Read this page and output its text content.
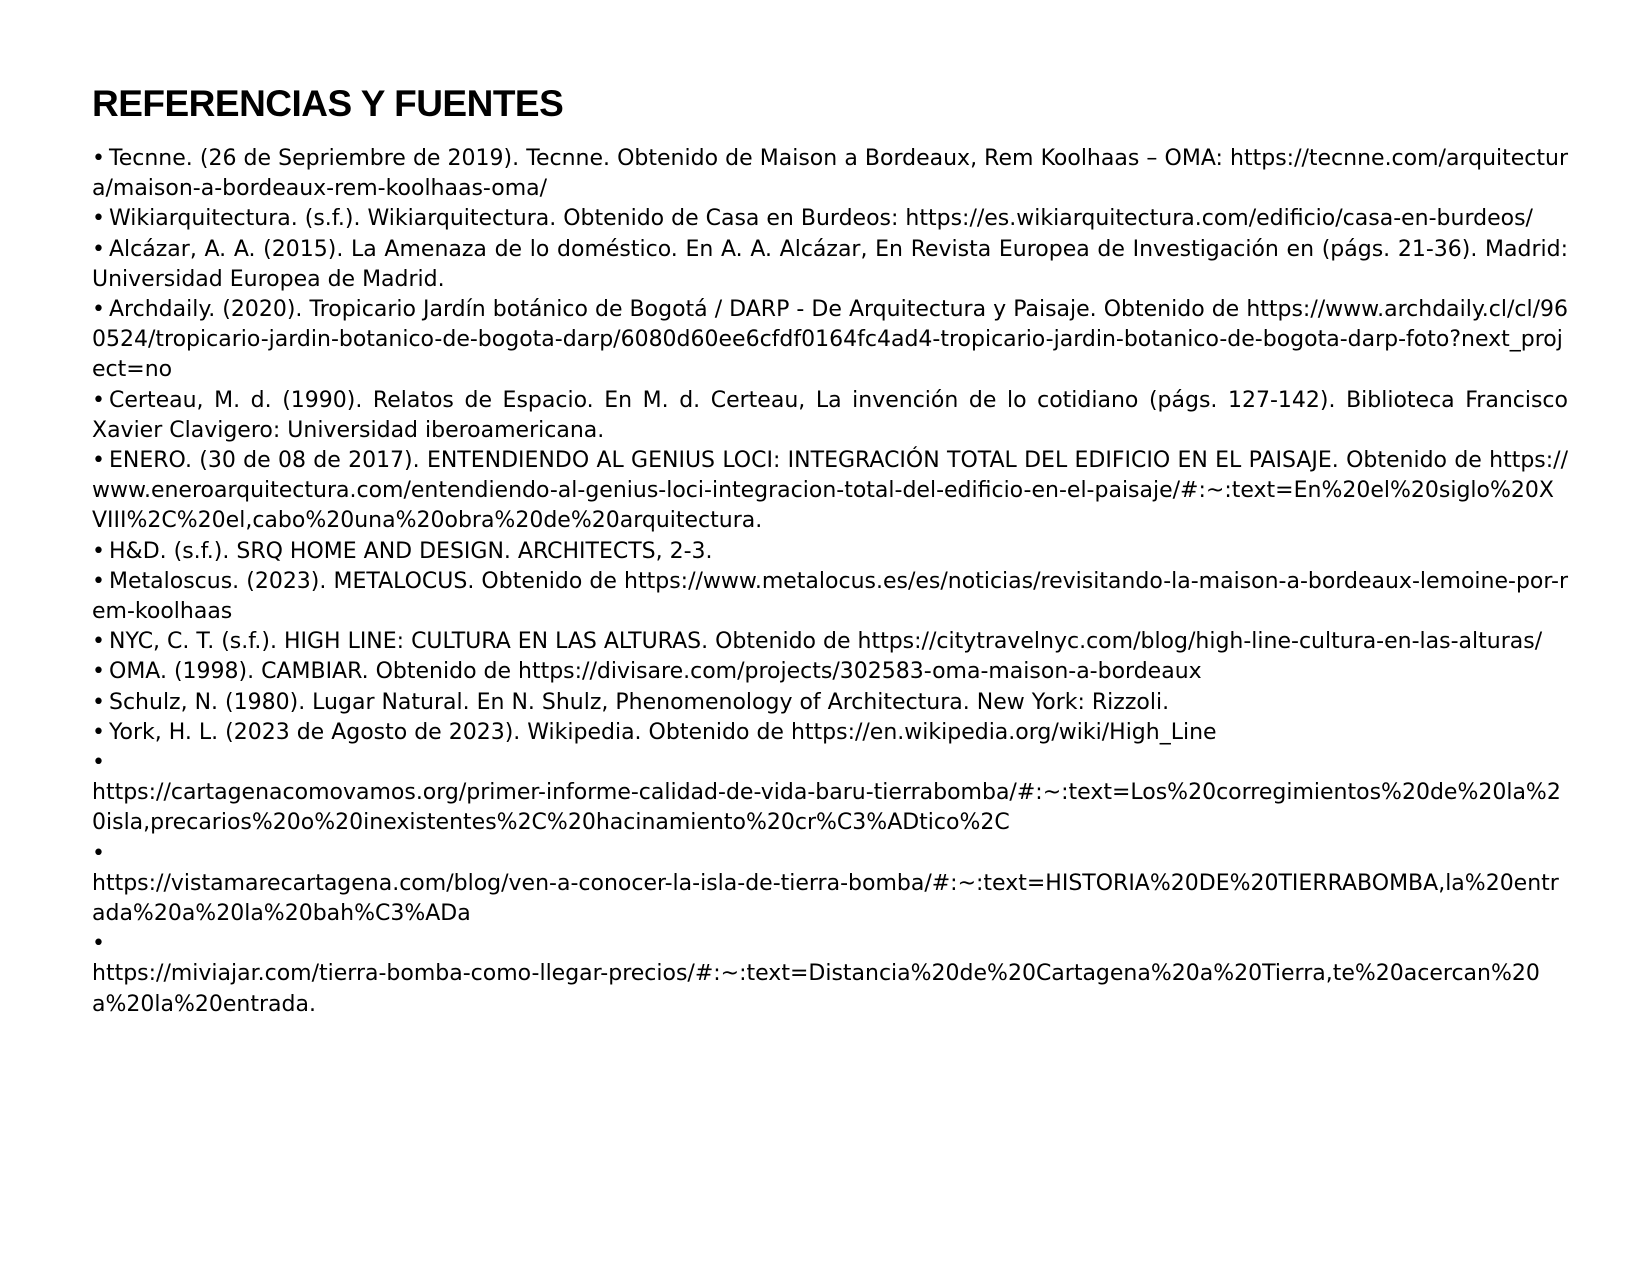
REFERENCIAS Y FUENTES
• Tecnne. (26 de Sepriembre de 2019). Tecnne. Obtenido de Maison a Bordeaux, Rem Koolhaas – OMA: https://tecnne.com/arquitectura/maison-a-bordeaux-rem-koolhaas-oma/
• Wikiarquitectura. (s.f.). Wikiarquitectura. Obtenido de Casa en Burdeos: https://es.wikiarquitectura.com/edificio/casa-en-burdeos/
• Alcázar, A. A. (2015). La Amenaza de lo doméstico. En A. A. Alcázar, En Revista Europea de Investigación en (págs. 21-36). Madrid: Universidad Europea de Madrid.
• Archdaily. (2020). Tropicario Jardín botánico de Bogotá / DARP - De Arquitectura y Paisaje. Obtenido de https://www.archdaily.cl/cl/960524/tropicario-jardin-botanico-de-bogota-darp/6080d60ee6cfdf0164fc4ad4-tropicario-jardin-botanico-de-bogota-darp-foto?next_project=no
• Certeau, M. d. (1990). Relatos de Espacio. En M. d. Certeau, La invención de lo cotidiano (págs. 127-142). Biblioteca Francisco Xavier Clavigero: Universidad iberoamericana.
• ENERO. (30 de 08 de 2017). ENTENDIENDO AL GENIUS LOCI: INTEGRACIÓN TOTAL DEL EDIFICIO EN EL PAISAJE. Obtenido de https://www.eneroarquitectura.com/entendiendo-al-genius-loci-integracion-total-del-edificio-en-el-paisaje/#:~:text=En%20el%20siglo%20XVIII%2C%20el,cabo%20una%20obra%20de%20arquitectura.
• H&D. (s.f.). SRQ HOME AND DESIGN. ARCHITECTS, 2-3.
• Metaloscus. (2023). METALOCUS. Obtenido de https://www.metalocus.es/es/noticias/revisitando-la-maison-a-bordeaux-lemoine-por-rem-koolhaas
• NYC, C. T. (s.f.). HIGH LINE: CULTURA EN LAS ALTURAS. Obtenido de https://citytravelnyc.com/blog/high-line-cultura-en-las-alturas/
• OMA. (1998). CAMBIAR. Obtenido de https://divisare.com/projects/302583-oma-maison-a-bordeaux
• Schulz, N. (1980). Lugar Natural. En N. Shulz, Phenomenology of Architectura. New York: Rizzoli.
• York, H. L. (2023 de Agosto de 2023). Wikipedia. Obtenido de https://en.wikipedia.org/wiki/High_Line
•
https://cartagenacomovamos.org/primer-informe-calidad-de-vida-baru-tierrabomba/#:~:text=Los%20corregimientos%20de%20la%20isla,precarios%20o%20inexistentes%2C%20hacinamiento%20cr%C3%ADtico%2C
•
https://vistamarecartagena.com/blog/ven-a-conocer-la-isla-de-tierra-bomba/#:~:text=HISTORIA%20DE%20TIERRABOMBA,la%20entrada%20a%20la%20bah%C3%ADa
•
https://miviajar.com/tierra-bomba-como-llegar-precios/#:~:text=Distancia%20de%20Cartagena%20a%20Tierra,te%20acercan%20a%20la%20entrada.
